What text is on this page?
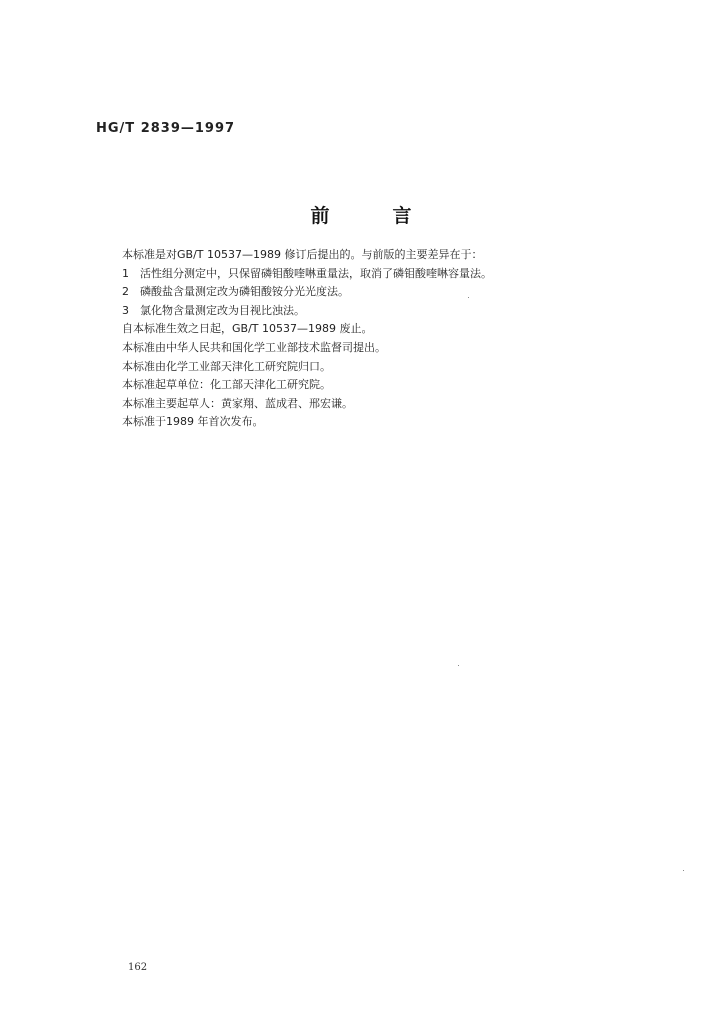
HG/T 2839—1997
前　言
本标准是对GB/T 10537—1989 修订后提出的。与前版的主要差异在于：
1　活性组分测定中，只保留磷钼酸喹啉重量法，取消了磷钼酸喹啉容量法。
2　磷酸盐含量测定改为磷钼酸铵分光光度法。
3　氯化物含量测定改为目视比浊法。
自本标准生效之日起，GB/T 10537—1989 废止。
本标准由中华人民共和国化学工业部技术监督司提出。
本标准由化学工业部天津化工研究院归口。
本标准起草单位：化工部天津化工研究院。
本标准主要起草人：黄家翔、蓝成君、邢宏谦。
本标准于1989 年首次发布。
162
